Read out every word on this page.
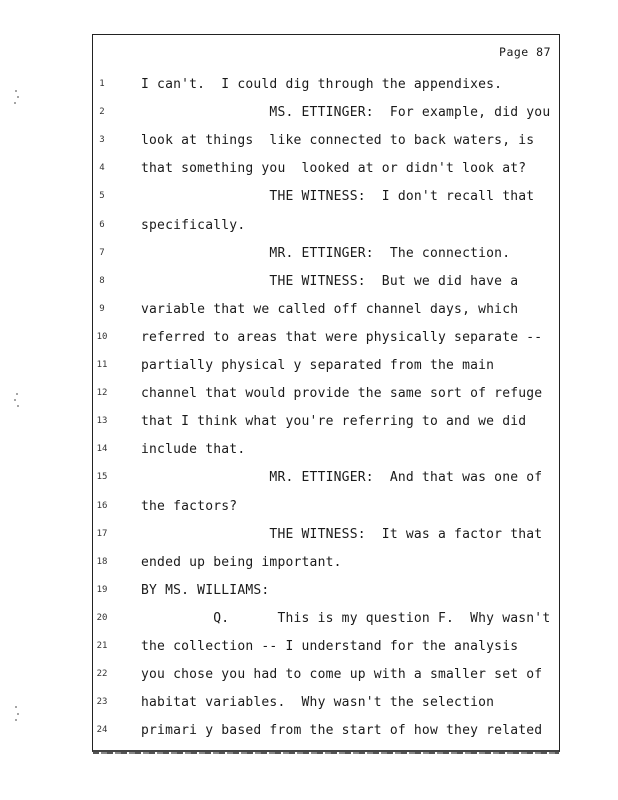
Page 87
1	I can't.  I could dig through the appendixes.
2	MS. ETTINGER:  For example, did you
3	look at things  like connected to back waters, is
4	that something you  looked at or didn't look at?
5	THE WITNESS:  I don't recall that
6	specifically.
7	MR. ETTINGER:  The connection.
8	THE WITNESS:  But we did have a
9	variable that we called off channel days, which
10	referred to areas that were physically separate --
11	partially physical y separated from the main
12	channel that would provide the same sort of refuge
13	that I think what you're referring to and we did
14	include that.
15	MR. ETTINGER:  And that was one of
16	the factors?
17	THE WITNESS:  It was a factor that
18	ended up being important.
19	BY MS. WILLIAMS:
20	Q.      This is my question F.  Why wasn't
21	the collection -- I understand for the analysis
22	you chose you had to come up with a smaller set of
23	habitat variables.  Why wasn't the selection
24	primari y based from the start of how they related
